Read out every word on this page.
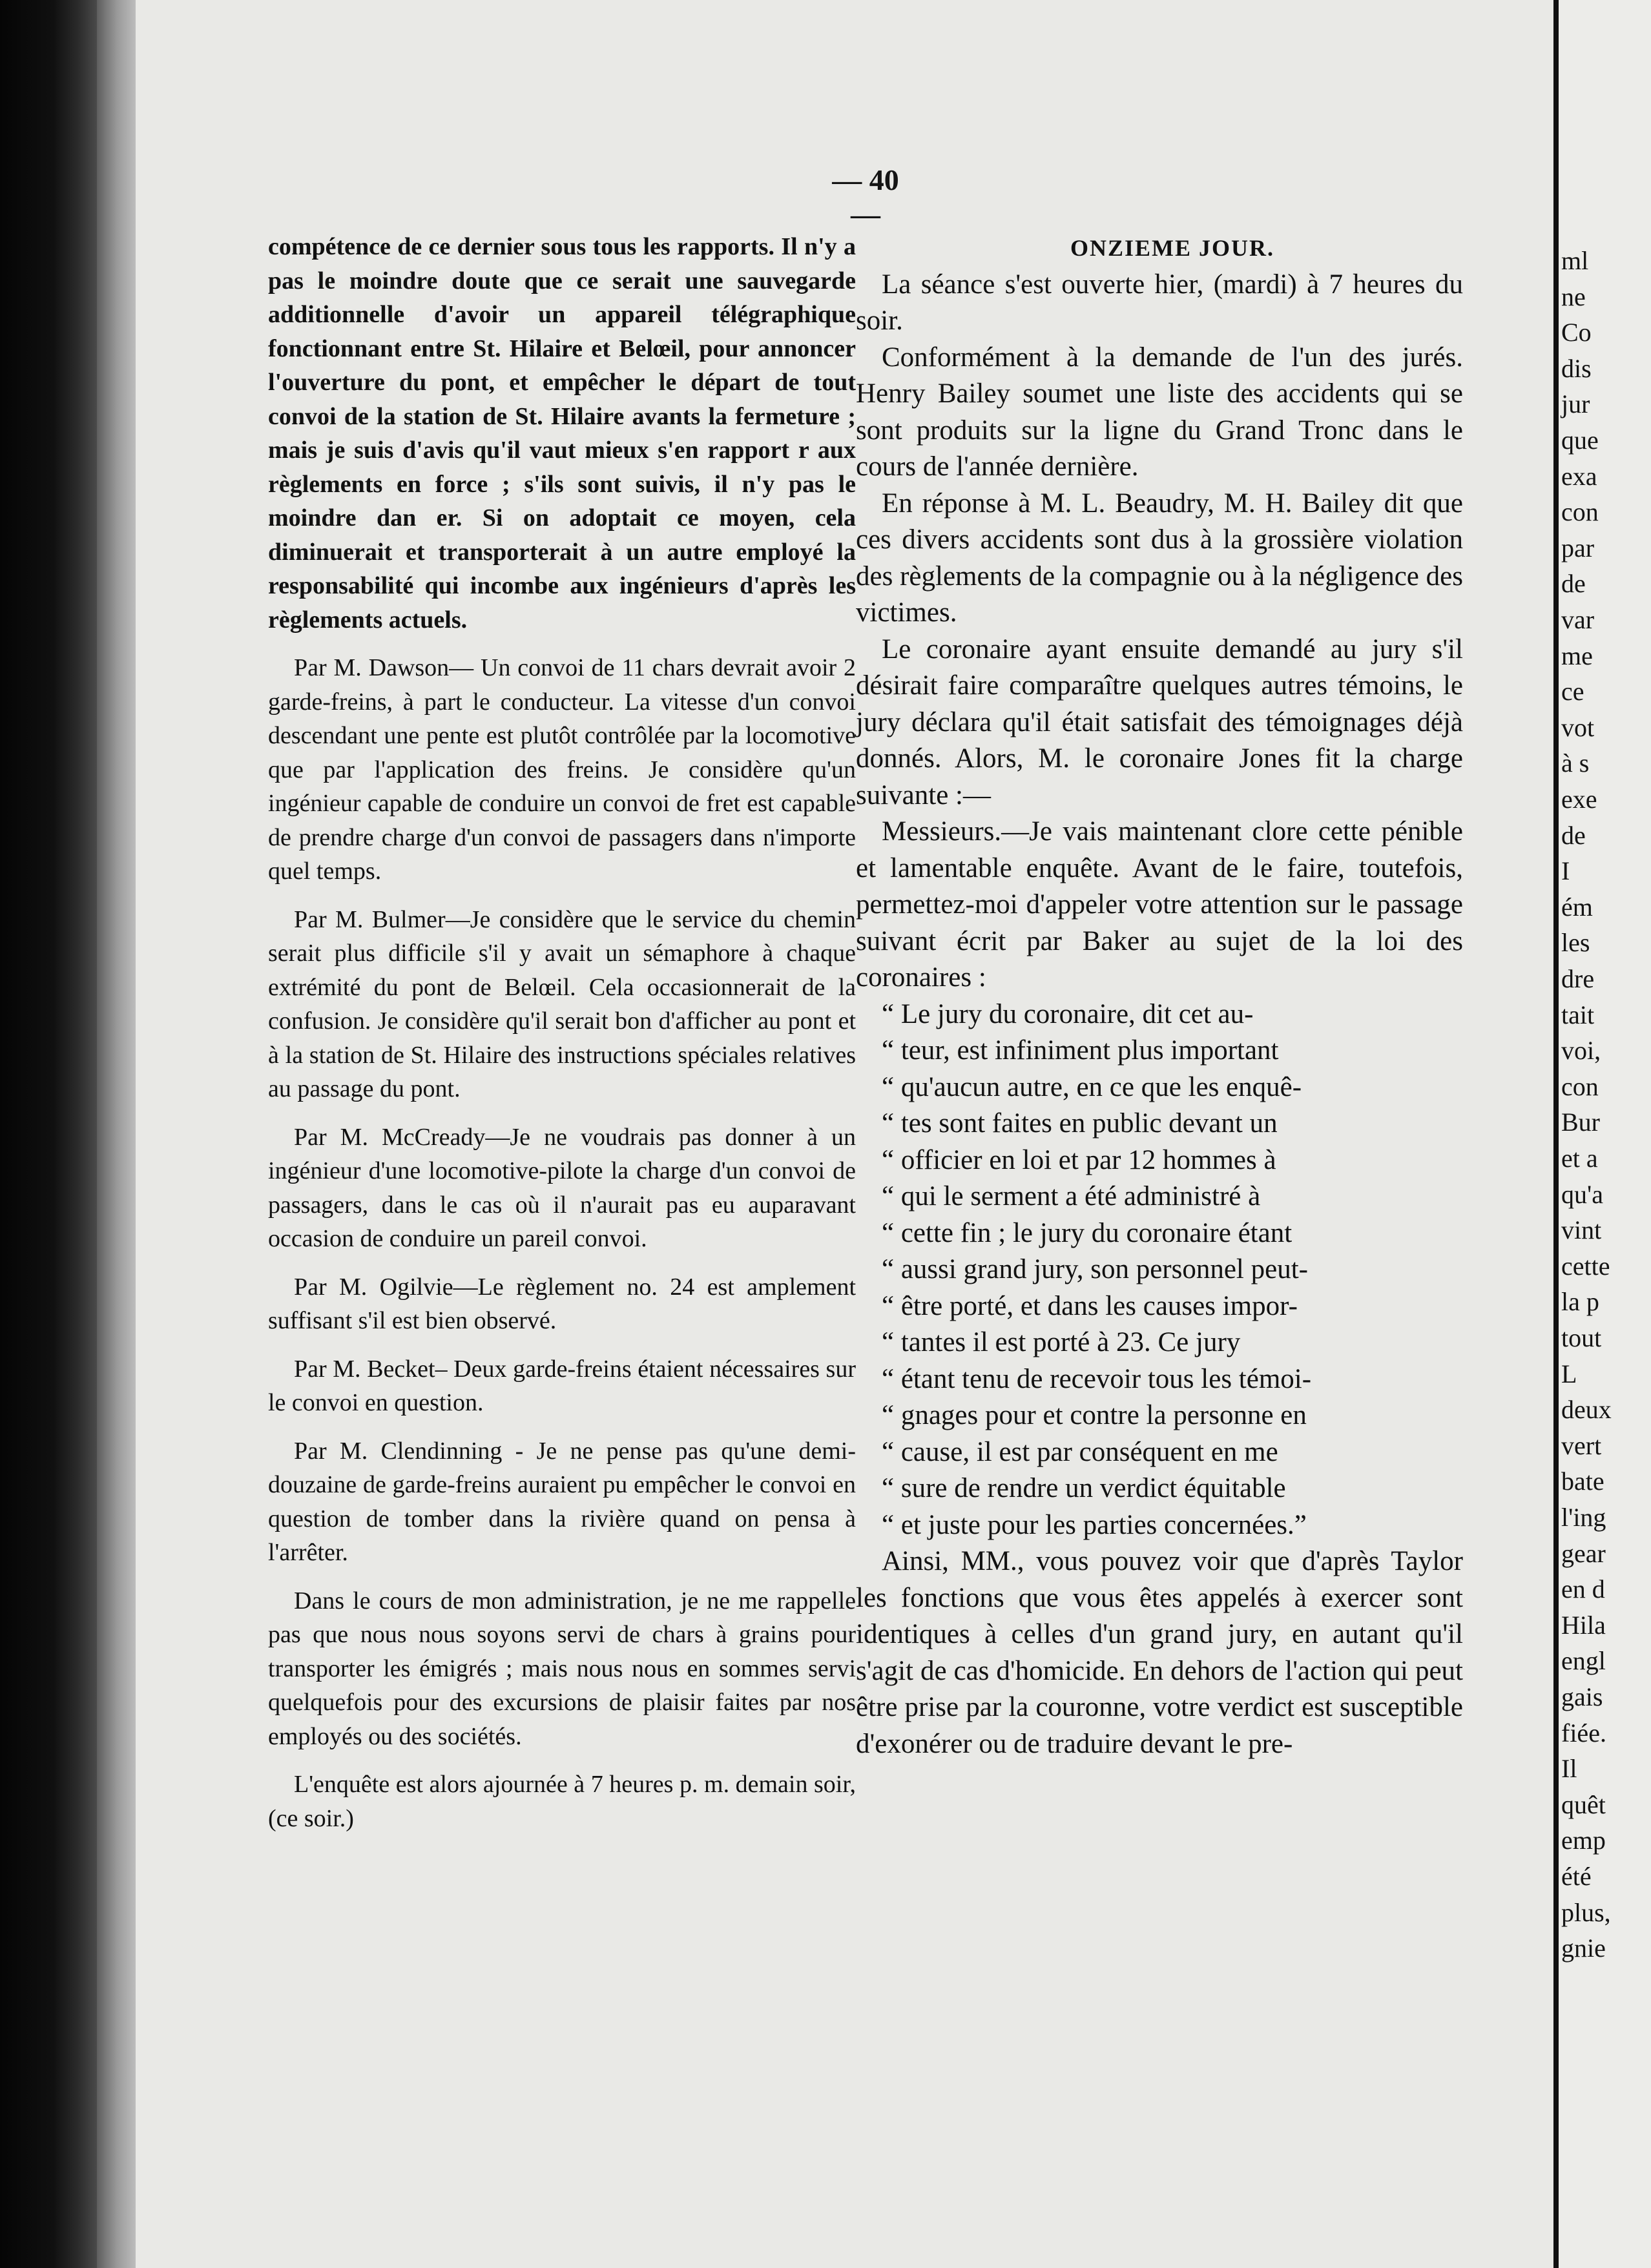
— 40 —

compétence de ce dernier sous tous les rapports. Il n'y a pas le moindre doute que ce serait une sauvegarde additionnelle d'avoir un appareil télégraphique fonctionnant entre St. Hilaire et Belœil, pour annoncer l'ouverture du pont, et empêcher le départ de tout convoi de la station de St. Hilaire avants la fermeture ; mais je suis d'avis qu'il vaut mieux s'en rapport r aux règlements en force ; s'ils sont suivis, il n'y pas le moindre dan er. Si on adoptait ce moyen, cela diminuerait et transporterait à un autre employé la responsabilité qui incombe aux ingénieurs d'après les règlements actuels.

Par M. Dawson— Un convoi de 11 chars devrait avoir 2 garde-freins, à part le conducteur. La vitesse d'un convoi descendant une pente est plutôt contrôlée par la locomotive que par l'application des freins. Je considère qu'un ingénieur capable de conduire un convoi de fret est capable de prendre charge d'un convoi de passagers dans n'importe quel temps.

Par M. Bulmer—Je considère que le service du chemin serait plus difficile s'il y avait un sémaphore à chaque extrémité du pont de Belœil. Cela occasionnerait de la confusion. Je considère qu'il serait bon d'afficher au pont et à la station de St. Hilaire des instructions spéciales relatives au passage du pont.

Par M. McCready—Je ne voudrais pas donner à un ingénieur d'une locomotive-pilote la charge d'un convoi de passagers, dans le cas où il n'aurait pas eu auparavant occasion de conduire un pareil convoi.

Par M. Ogilvie—Le règlement no. 24 est amplement suffisant s'il est bien observé.

Par M. Becket– Deux garde-freins étaient nécessaires sur le convoi en question.

Par M. Clendinning - Je ne pense pas qu'une demi-douzaine de garde-freins auraient pu empêcher le convoi en question de tomber dans la rivière quand on pensa à l'arrêter.

Dans le cours de mon administration, je ne me rappelle pas que nous nous soyons servi de chars à grains pour transporter les émigrés ; mais nous nous en sommes servi quelquefois pour des excursions de plaisir faites par nos employés ou des sociétés.

L'enquête est alors ajournée à 7 heures p. m. demain soir, (ce soir.)

ONZIEME JOUR.

La séance s'est ouverte hier, (mardi) à 7 heures du soir.

Conformément à la demande de l'un des jurés. Henry Bailey soumet une liste des accidents qui se sont produits sur la ligne du Grand Tronc dans le cours de l'année dernière.

En réponse à M. L. Beaudry, M. H. Bailey dit que ces divers accidents sont dus à la grossière violation des règlements de la compagnie ou à la négligence des victimes.

Le coronaire ayant ensuite demandé au jury s'il désirait faire comparaître quelques autres témoins, le jury déclara qu'il était satisfait des témoignages déjà donnés. Alors, M. le coronaire Jones fit la charge suivante :—

Messieurs.—Je vais maintenant clore cette pénible et lamentable enquête. Avant de le faire, toutefois, permettez-moi d'appeler votre attention sur le passage suivant écrit par Baker au sujet de la loi des coronaires :

“ Le jury du coronaire, dit cet au-

“ teur, est infiniment plus important

“ qu'aucun autre, en ce que les enquê-

“ tes sont faites en public devant un

“ officier en loi et par 12 hommes à

“ qui le serment a été administré à

“ cette fin ; le jury du coronaire étant

“ aussi grand jury, son personnel peut-

“ être porté, et dans les causes impor-

“ tantes il est porté à 23. Ce jury

“ étant tenu de recevoir tous les témoi-

“ gnages pour et contre la personne en

“ cause, il est par conséquent en me

“ sure de rendre un verdict équitable

“ et juste pour les parties concernées.”

Ainsi, MM., vous pouvez voir que d'après Taylor les fonctions que vous êtes appelés à exercer sont identiques à celles d'un grand jury, en autant qu'il s'agit de cas d'homicide. En dehors de l'action qui peut être prise par la couronne, votre verdict est susceptible d'exonérer ou de traduire devant le pre-

ml
ne
Co
dis
jur
que
exa
con
par
de
var
me
ce
vot
à s
exe
de
I
ém
les
dre
tait
voi,
con
Bur
et a
qu'a
vint
cette
la p
tout
L
deux
vert
bate
l'ing
gear
en d
Hila
engl
gais
fiée.
Il
quêt
emp
été
plus,
gnie
